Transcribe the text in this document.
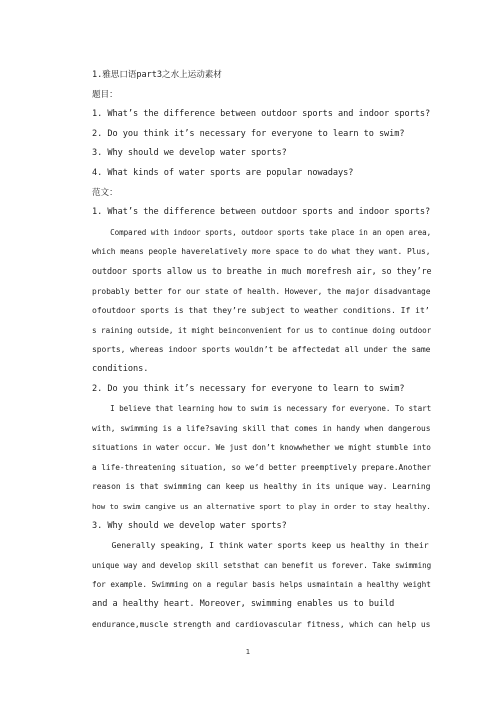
1.雅思口语part3之水上运动素材
题目：
1. What’s the difference between outdoor sports and indoor sports?
2. Do you think it’s necessary for everyone to learn to swim?
3. Why should we develop water sports?
4. What kinds of water sports are popular nowadays?
范文：
1. What’s the difference between outdoor sports and indoor sports?
Compared with indoor sports, outdoor sports take place in an open area,
which means people haverelatively more space to do what they want. Plus,
outdoor sports allow us to breathe in much morefresh air, so they’re
probably better for our state of health. However, the major disadvantage
ofoutdoor sports is that they’re subject to weather conditions. If it’
s raining outside, it might beinconvenient for us to continue doing outdoor
sports, whereas indoor sports wouldn’t be affectedat all under the same
conditions.
2. Do you think it’s necessary for everyone to learn to swim?
I believe that learning how to swim is necessary for everyone. To start
with, swimming is a life?saving skill that comes in handy when dangerous
situations in water occur. We just don’t knowwhether we might stumble into
a life-threatening situation, so we’d better preemptively prepare.Another
reason is that swimming can keep us healthy in its unique way. Learning
how to swim cangive us an alternative sport to play in order to stay healthy.
3. Why should we develop water sports?
Generally speaking, I think water sports keep us healthy in their
unique way and develop skill setsthat can benefit us forever. Take swimming
for example. Swimming on a regular basis helps usmaintain a healthy weight
and a healthy heart. Moreover, swimming enables us to build
endurance,muscle strength and cardiovascular fitness, which can help us
1
